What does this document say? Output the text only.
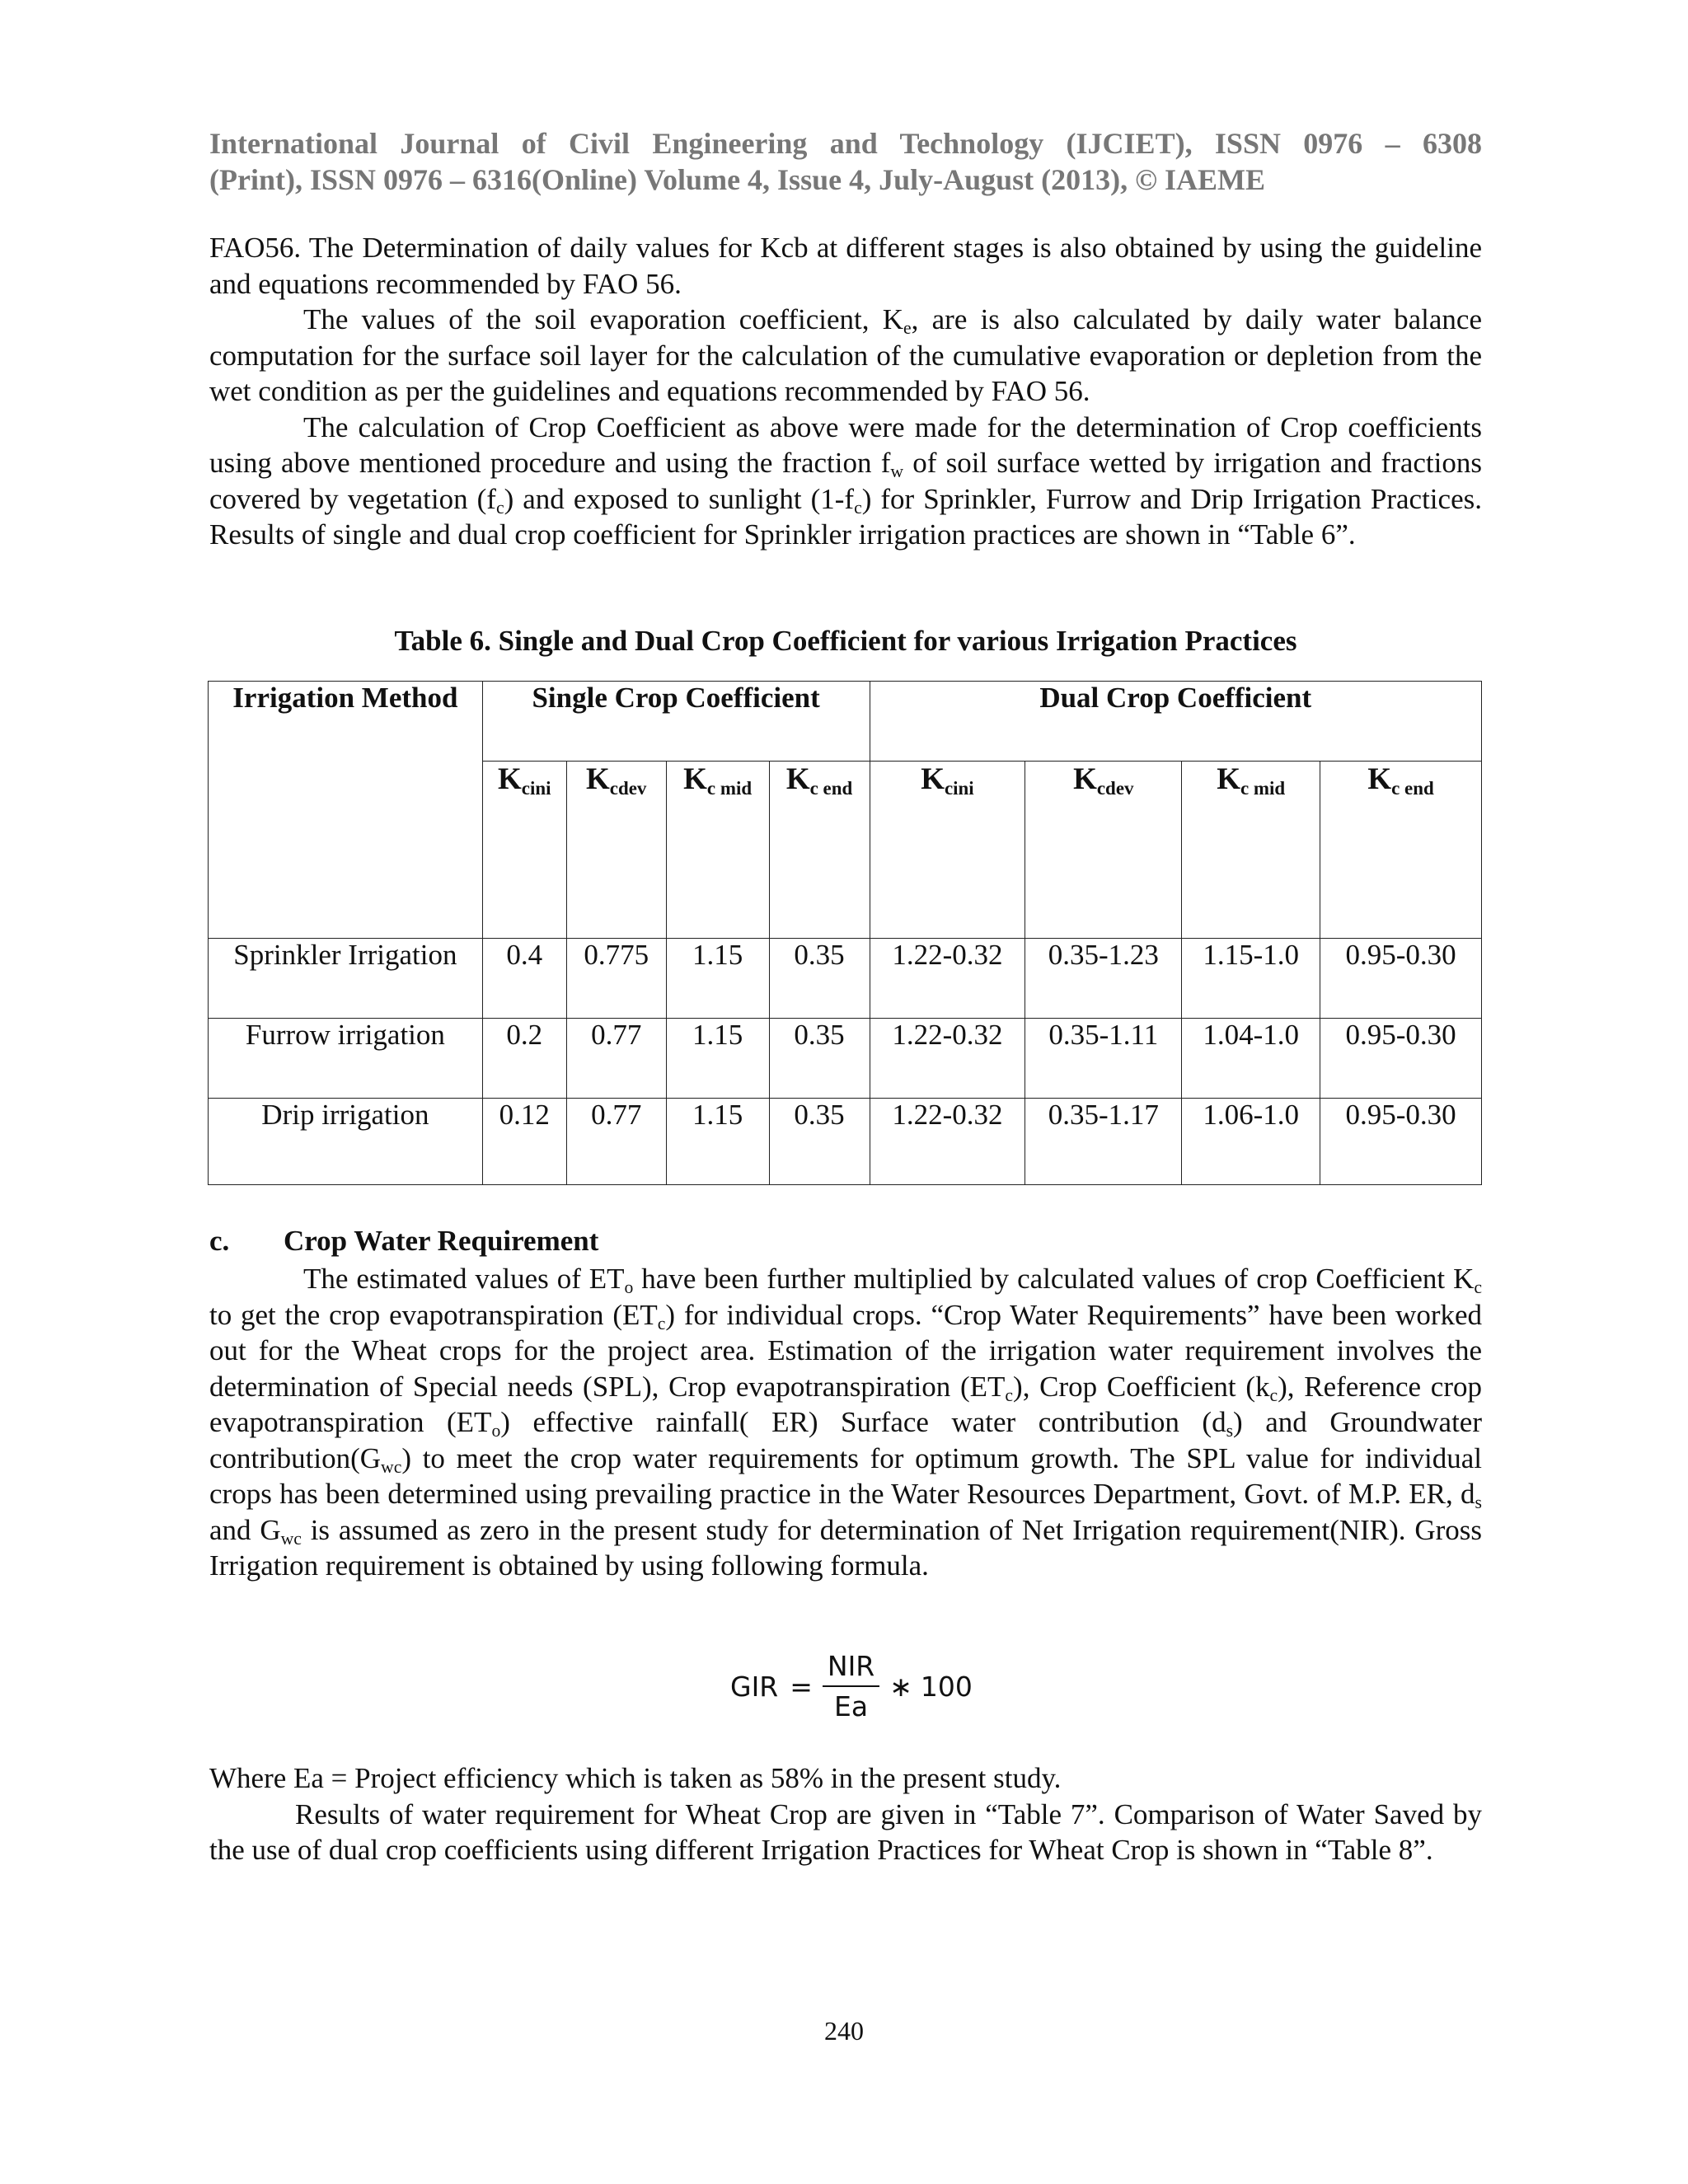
International Journal of Civil Engineering and Technology (IJCIET), ISSN 0976 – 6308
(Print), ISSN 0976 – 6316(Online) Volume 4, Issue 4, July-August (2013), © IAEME

FAO56. The Determination of daily values for Kcb at different stages is also obtained by using the guideline and equations recommended by FAO 56.

The values of the soil evaporation coefficient, $K_e$, are is also calculated by daily water balance computation for the surface soil layer for the calculation of the cumulative evaporation or depletion from the wet condition as per the guidelines and equations recommended by FAO 56.

The calculation of Crop Coefficient as above were made for the determination of Crop coefficients using above mentioned procedure and using the fraction $f_w$ of soil surface wetted by irrigation and fractions covered by vegetation $(f_c)$ and exposed to sunlight $(1-f_c)$ for Sprinkler, Furrow and Drip Irrigation Practices. Results of single and dual crop coefficient for Sprinkler irrigation practices are shown in “Table 6”.

Table 6. Single and Dual Crop Coefficient for various Irrigation Practices
Irrigation Method	Single Crop Coefficient				Dual Crop Coefficient			
	$K_{cini}$	$K_{cdev}$	$K_{c mid}$	$K_{c end}$	$K_{cini}$	$K_{cdev}$	$K_{c mid}$	$K_{c end}$
Sprinkler Irrigation	0.4	0.775	1.15	0.35	1.22-0.32	0.35-1.23	1.15-1.0	0.95-0.30
Furrow irrigation	0.2	0.77	1.15	0.35	1.22-0.32	0.35-1.11	1.04-1.0	0.95-0.30
Drip irrigation	0.12	0.77	1.15	0.35	1.22-0.32	0.35-1.17	1.06-1.0	0.95-0.30
c. Crop Water Requirement

The estimated values of $ET_o$ have been further multiplied by calculated values of crop Coefficient $K_c$ to get the crop evapotranspiration $(ET_c)$ for individual crops. “Crop Water Requirements” have been worked out for the Wheat crops for the project area. Estimation of the irrigation water requirement involves the determination of Special needs (SPL), Crop evapotranspiration $(ET_c)$, Crop Coefficient $(k_c)$, Reference crop evapotranspiration $(ET_o)$ effective rainfall( ER) Surface water contribution $(d_s)$ and Groundwater $contribution(G_{wc})$ to meet the crop water requirements for optimum growth. The SPL value for individual crops has been determined using prevailing practice in the Water Resources Department, Govt. of M.P. ER, $d_s$ and $G_{wc}$ is assumed as zero in the present study for determination of Net Irrigation requirement(NIR). Gross Irrigation requirement is obtained by using following formula.

GIR = $\frac{\text{NIR}}{Ea}$ ∗ 100

Where Ea = Project efficiency which is taken as 58% in the present study.

Results of water requirement for Wheat Crop are given in “Table 7”. Comparison of Water Saved by the use of dual crop coefficients using different Irrigation Practices for Wheat Crop is shown in “Table 8”.

240
